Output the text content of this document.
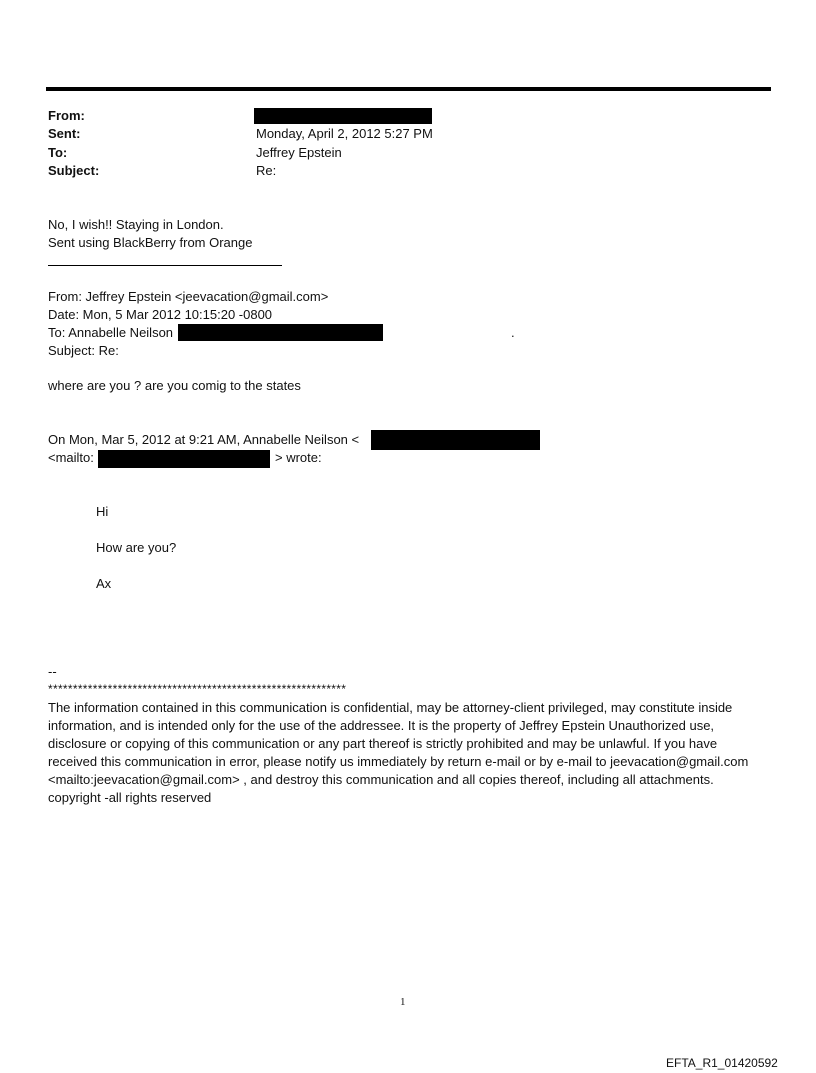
From:
Sent:	Monday, April 2, 2012 5:27 PM
To:	Jeffrey Epstein
Subject:	Re:
No, I wish!! Staying in London.
Sent using BlackBerry from Orange
From: Jeffrey Epstein <jeevacation@gmail.com>
Date: Mon, 5 Mar 2012 10:15:20 -0800
To: Annabelle Neilson	.
Subject: Re:
where are you ? are you comig to the states
On Mon, Mar 5, 2012 at 9:21 AM, Annabelle Neilson <
<mailto:	> wrote:
Hi
How are you?
Ax
--
************************************************************
The information contained in this communication is confidential, may be attorney-client privileged, may constitute inside information, and is intended only for the use of the addressee. It is the property of Jeffrey Epstein Unauthorized use, disclosure or copying of this communication or any part thereof is strictly prohibited and may be unlawful. If you have received this communication in error, please notify us immediately by return e-mail or by e-mail to jeevacation@gmail.com <mailto:jeevacation@gmail.com> , and destroy this communication and all copies thereof, including all attachments. copyright -all rights reserved
1
EFTA_R1_01420592
